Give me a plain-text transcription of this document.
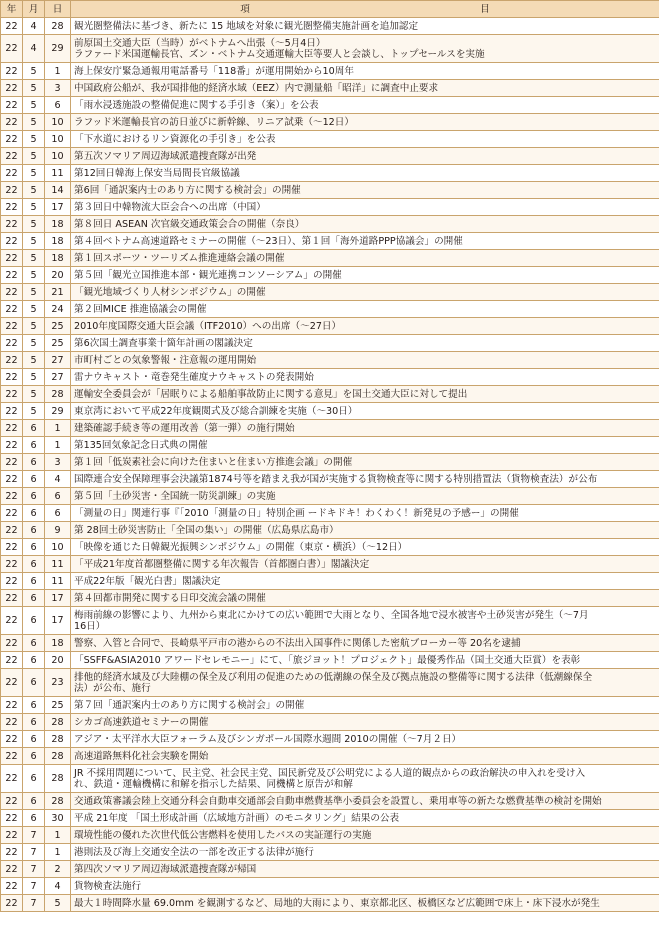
年	月	日	項　　　　　　　　　　　　　　　　　　　　　　　　目
22	4	28	観光圏整備法に基づき、新たに 15 地域を対象に観光圏整備実施計画を追加認定

22	4	29	前原国土交通大臣（当時）がベトナムへ出張（〜5月4日）
ラファード米国運輸長官、ズン・ベトナム交通運輸大臣等要人と会談し、トップセールスを実施

22	5	1	海上保安庁緊急通報用電話番号「118番」が運用開始から10周年

22	5	3	中国政府公船が、我が国排他的経済水域（EEZ）内で測量船「昭洋」に調査中止要求

22	5	6	「雨水浸透施設の整備促進に関する手引き（案）」を公表

22	5	10	ラフッド米運輸長官の訪日並びに新幹線、リニア試乗（〜12日）

22	5	10	「下水道におけるリン資源化の手引き」を公表

22	5	10	第五次ソマリア周辺海域派遣捜査隊が出発

22	5	11	第12回日韓海上保安当局間長官級協議

22	5	14	第6回「通訳案内士のあり方に関する検討会」の開催

22	5	17	第３回日中韓物流大臣会合への出席（中国）

22	5	18	第８回日 ASEAN 次官級交通政策会合の開催（奈良）

22	5	18	第４回ベトナム高速道路セミナーの開催（〜23日）、第１回「海外道路PPP協議会」の開催

22	5	18	第１回スポーツ・ツーリズム推進連絡会議の開催

22	5	20	第５回「観光立国推進本部・観光連携コンソーシアム」の開催

22	5	21	「観光地域づくり人材シンポジウム」の開催

22	5	24	第２回MICE 推進協議会の開催

22	5	25	2010年度国際交通大臣会議（ITF2010）への出席（〜27日）

22	5	25	第6次国土調査事業十箇年計画の閣議決定

22	5	27	市町村ごとの気象警報・注意報の運用開始

22	5	27	雷ナウキャスト・竜巻発生確度ナウキャストの発表開始

22	5	28	運輸安全委員会が「居眠りによる船舶事故防止に関する意見」を国土交通大臣に対して提出

22	5	29	東京湾において平成22年度観閲式及び総合訓練を実施（〜30日）

22	6	1	建築確認手続き等の運用改善（第一弾）の施行開始

22	6	1	第135回気象記念日式典の開催

22	6	3	第１回「低炭素社会に向けた住まいと住まい方推進会議」の開催

22	6	4	国際連合安全保障理事会決議第1874号等を踏まえ我が国が実施する貨物検査等に関する特別措置法（貨物検査法）が公布

22	6	6	第５回「土砂災害・全国統一防災訓練」の実施

22	6	6	「測量の日」関連行事『「2010「測量の日」特別企画 ードキドキ！わくわく！新発見の予感ー」の開催

22	6	9	第 28回土砂災害防止「全国の集い」の開催（広島県広島市）

22	6	10	「映像を通じた日韓観光振興シンポジウム」の開催（東京・横浜）（〜12日）

22	6	11	「平成21年度首都圏整備に関する年次報告（首都圏白書）」閣議決定

22	6	11	平成22年版「観光白書」閣議決定

22	6	17	第４回都市開発に関する日印交流会議の開催

22	6	17	梅雨前線の影響により、九州から東北にかけての広い範囲で大雨となり、全国各地で浸水被害や土砂災害が発生（〜7月
16日）

22	6	18	警察、入管と合同で、長崎県平戸市の港からの不法出入国事件に関係した密航ブローカー等 20名を逮捕

22	6	20	「SSFF&ASIA2010 アワードセレモニー」にて、「旅ジヨット！プロジェクト」最優秀作品（国土交通大臣賞）を表彰

22	6	23	排他的経済水域及び大陸棚の保全及び利用の促進のための低潮線の保全及び拠点施設の整備等に関する法律（低潮線保全
法）が公布、施行

22	6	25	第７回「通訳案内士のあり方に関する検討会」の開催

22	6	28	シカゴ高速鉄道セミナーの開催

22	6	28	アジア・太平洋水大臣フォーラム及びシンガポール国際水週間 2010の開催（〜7月２日）

22	6	28	高速道路無料化社会実験を開始

22	6	28	JR 不採用問題について、民主党、社会民主党、国民新党及び公明党による人道的観点からの政治解決の申入れを受け入
れ、鉄道・運輸機構に和解を指示した結果、同機構と原告が和解

22	6	28	交通政策審議会陸上交通分科会自動車交通部会自動車燃費基準小委員会を設置し、乗用車等の新たな燃費基準の検討を開始

22	6	30	平成 21年度 「国土形成計画（広域地方計画）のモニタリング」結果の公表

22	7	1	環境性能の優れた次世代低公害燃料を使用したバスの実証運行の実施

22	7	1	港則法及び海上交通安全法の一部を改正する法律が施行

22	7	2	第四次ソマリア周辺海域派遣捜査隊が帰国

22	7	4	貨物検査法施行

22	7	5	最大１時間降水量 69.0mm を観測するなど、局地的大雨により、東京都北区、板橋区など広範囲で床上・床下浸水が発生
